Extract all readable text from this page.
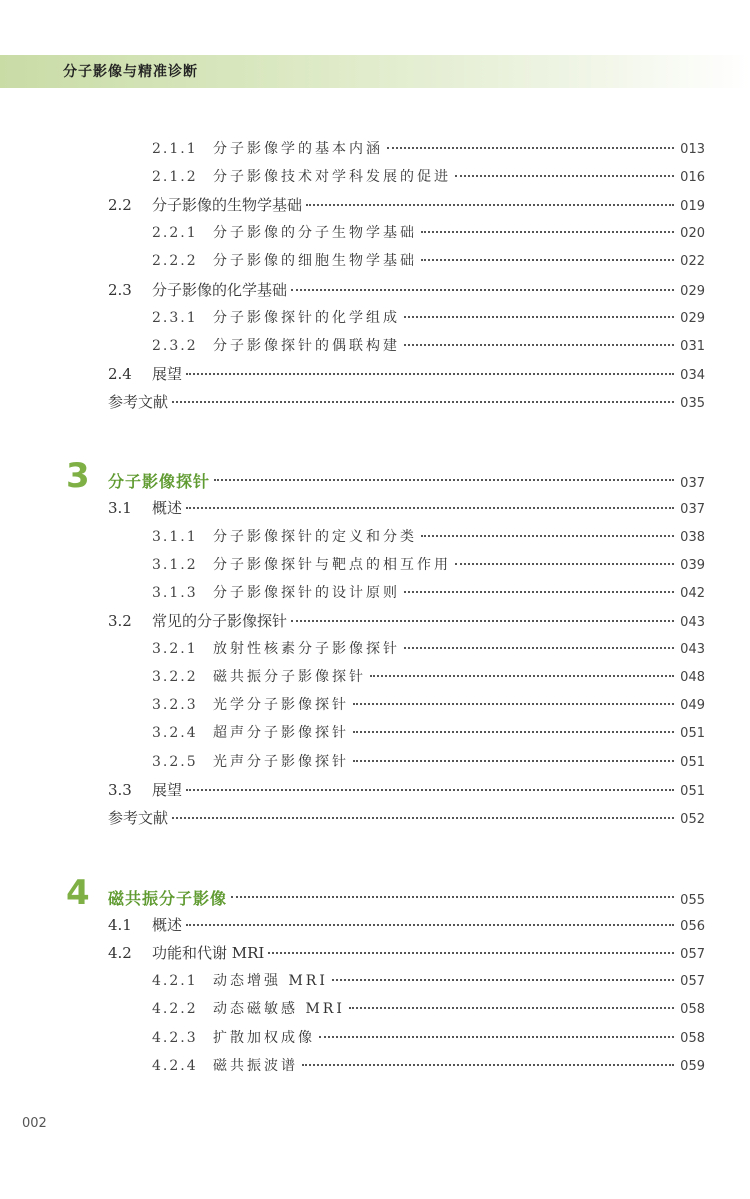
分子影像与精准诊断
2.1.1	分子影像学的基本内涵	013
2.1.2	分子影像技术对学科发展的促进	016
2.2	分子影像的生物学基础	019
2.2.1	分子影像的分子生物学基础	020
2.2.2	分子影像的细胞生物学基础	022
2.3	分子影像的化学基础	029
2.3.1	分子影像探针的化学组成	029
2.3.2	分子影像探针的偶联构建	031
2.4	展望	034
参考文献	035
3	分子影像探针	037
3.1	概述	037
3.1.1	分子影像探针的定义和分类	038
3.1.2	分子影像探针与靶点的相互作用	039
3.1.3	分子影像探针的设计原则	042
3.2	常见的分子影像探针	043
3.2.1	放射性核素分子影像探针	043
3.2.2	磁共振分子影像探针	048
3.2.3	光学分子影像探针	049
3.2.4	超声分子影像探针	051
3.2.5	光声分子影像探针	051
3.3	展望	051
参考文献	052
4	磁共振分子影像	055
4.1	概述	056
4.2	功能和代谢 MRI	057
4.2.1	动态增强 MRI	057
4.2.2	动态磁敏感 MRI	058
4.2.3	扩散加权成像	058
4.2.4	磁共振波谱	059
002
